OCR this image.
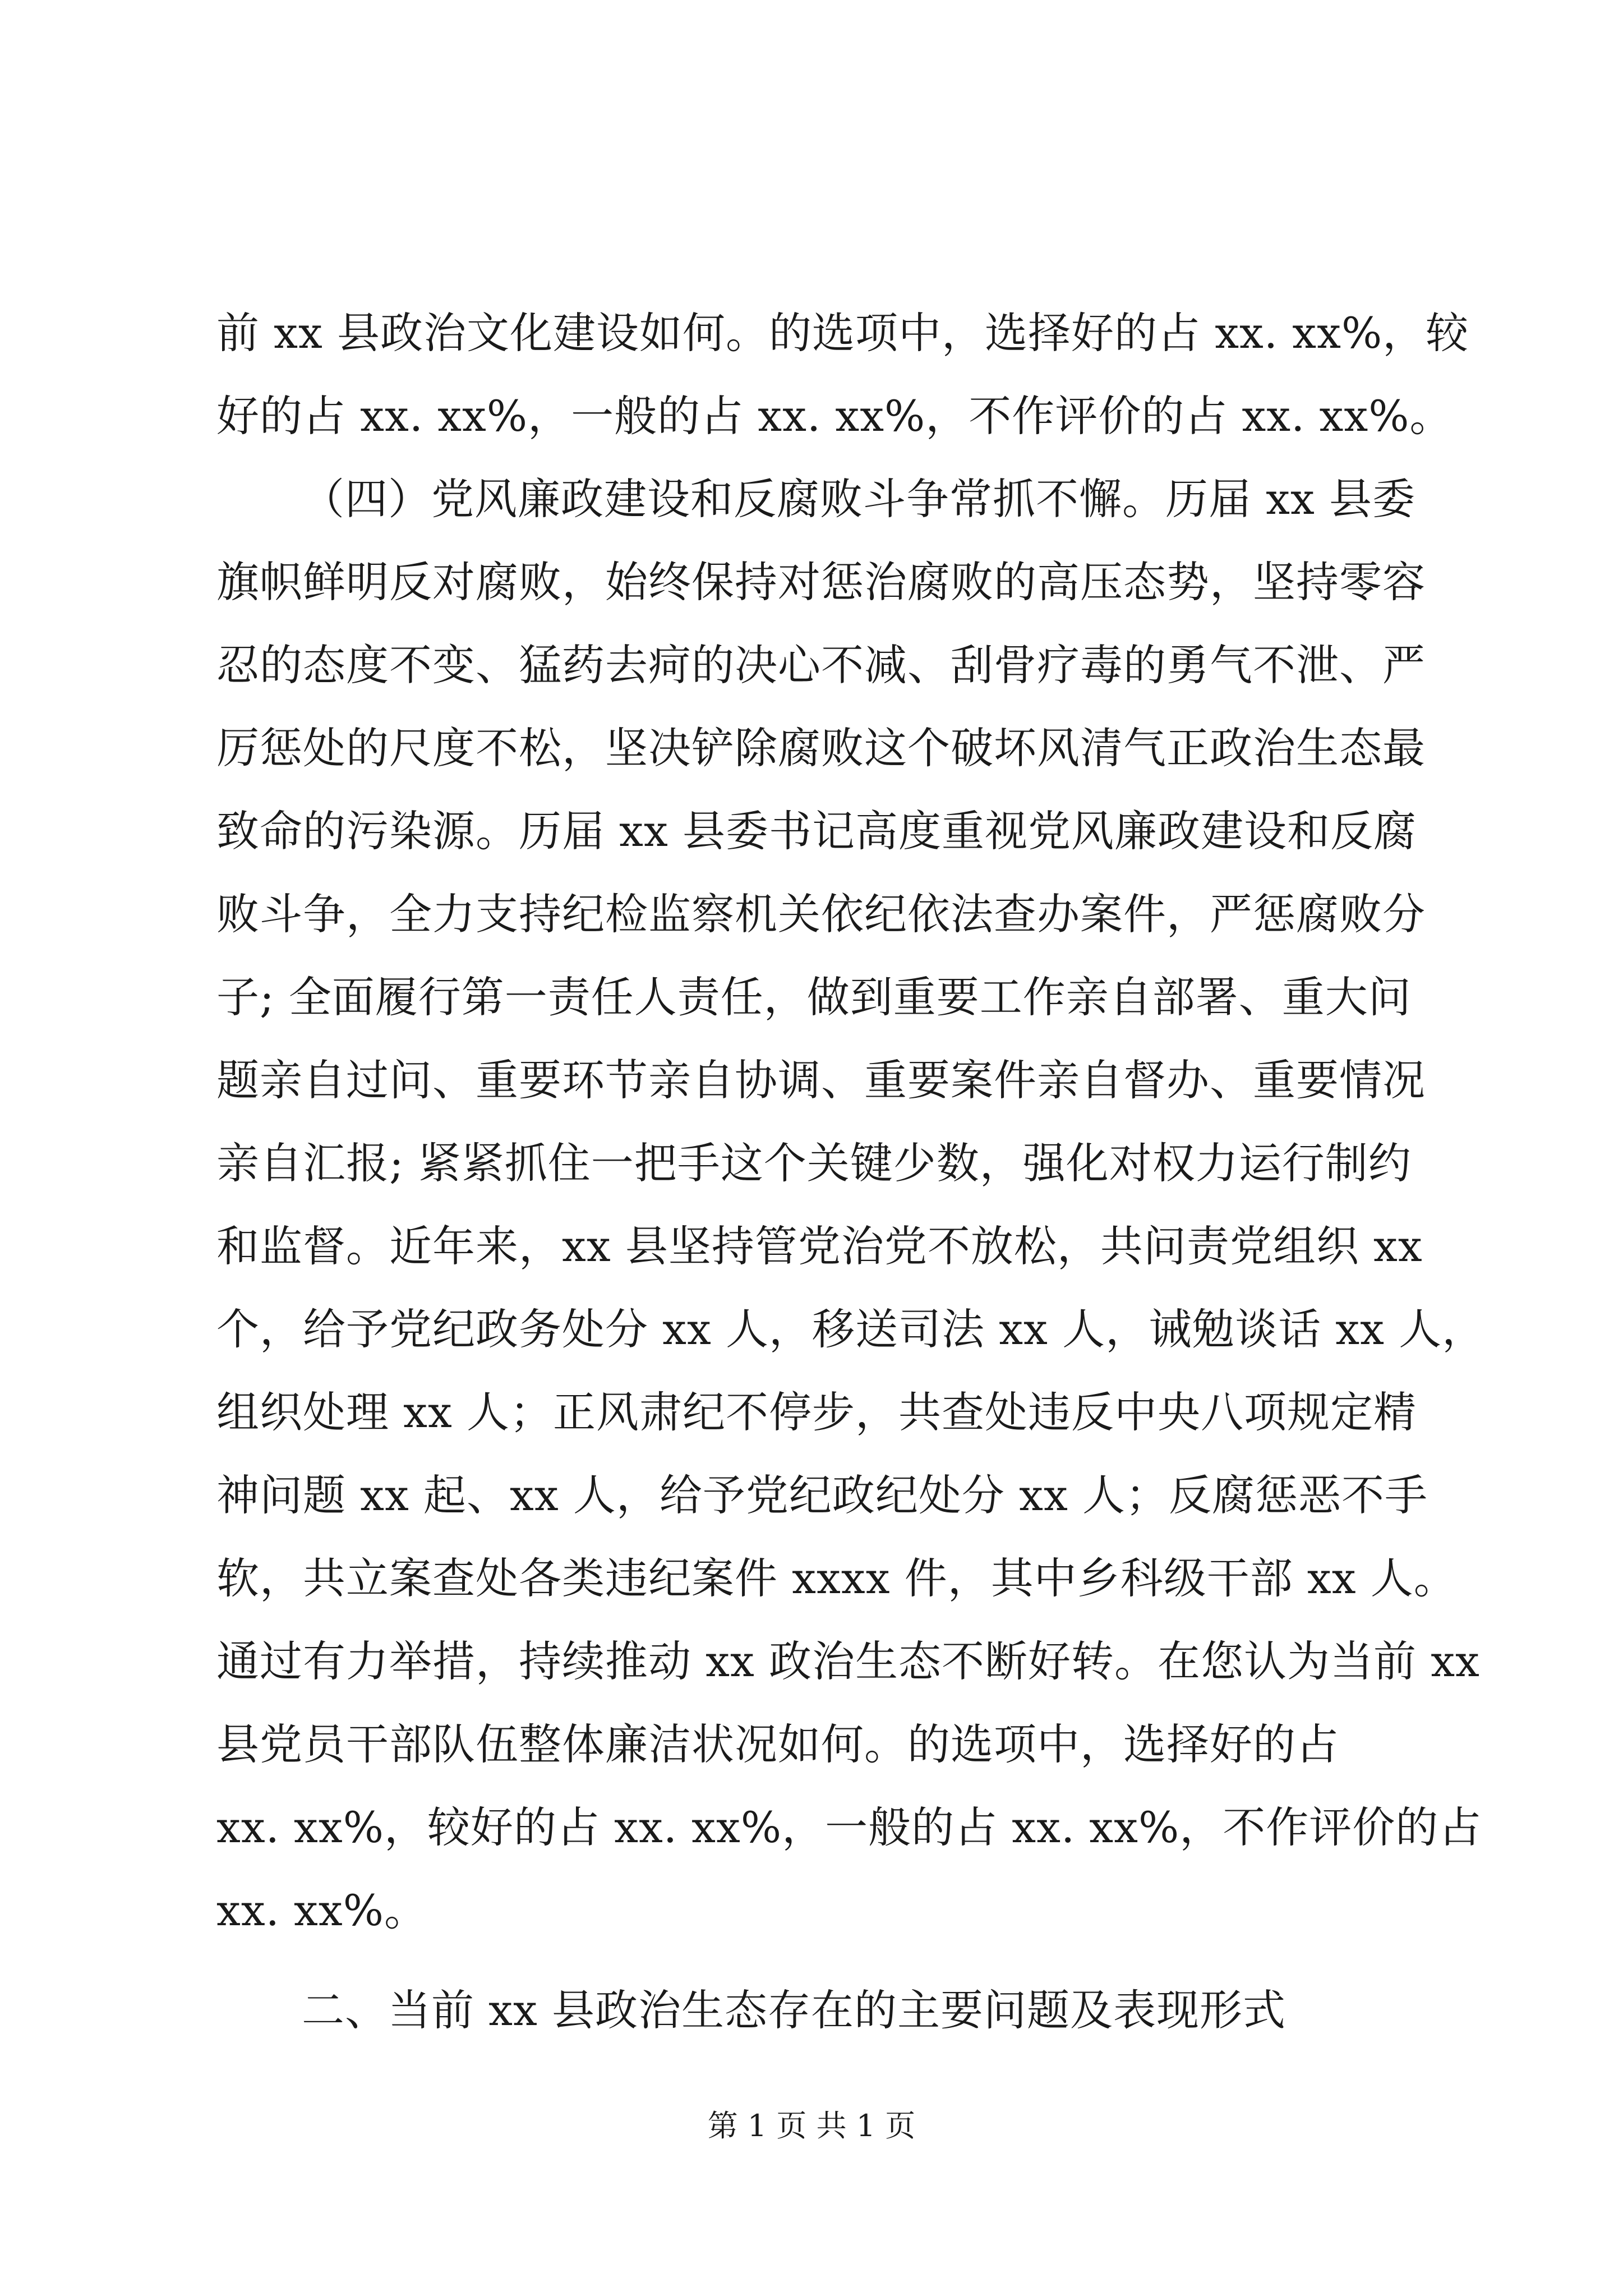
前 xx 县政治文化建设如何。的选项中，选择好的占 xx. xx%，较
好的占 xx. xx%，一般的占 xx. xx%，不作评价的占 xx. xx%。
（四）党风廉政建设和反腐败斗争常抓不懈。历届 xx 县委
旗帜鲜明反对腐败，始终保持对惩治腐败的高压态势，坚持零容
忍的态度不变、猛药去疴的决心不减、刮骨疗毒的勇气不泄、严
厉惩处的尺度不松，坚决铲除腐败这个破坏风清气正政治生态最
致命的污染源。历届 xx 县委书记高度重视党风廉政建设和反腐
败斗争，全力支持纪检监察机关依纪依法查办案件，严惩腐败分
子; 全面履行第一责任人责任，做到重要工作亲自部署、重大问
题亲自过问、重要环节亲自协调、重要案件亲自督办、重要情况
亲自汇报; 紧紧抓住一把手这个关键少数，强化对权力运行制约
和监督。近年来，xx 县坚持管党治党不放松，共问责党组织 xx
个，给予党纪政务处分 xx 人，移送司法 xx 人，诫勉谈话 xx 人，
组织处理 xx 人；正风肃纪不停步，共查处违反中央八项规定精
神问题 xx 起、xx 人，给予党纪政纪处分 xx 人；反腐惩恶不手
软，共立案查处各类违纪案件 xxxx 件，其中乡科级干部 xx 人。
通过有力举措，持续推动 xx 政治生态不断好转。在您认为当前 xx
县党员干部队伍整体廉洁状况如何。的选项中，选择好的占
xx. xx%，较好的占 xx. xx%，一般的占 xx. xx%，不作评价的占
xx. xx%。
二、当前 xx 县政治生态存在的主要问题及表现形式
第 1 页 共 1 页
